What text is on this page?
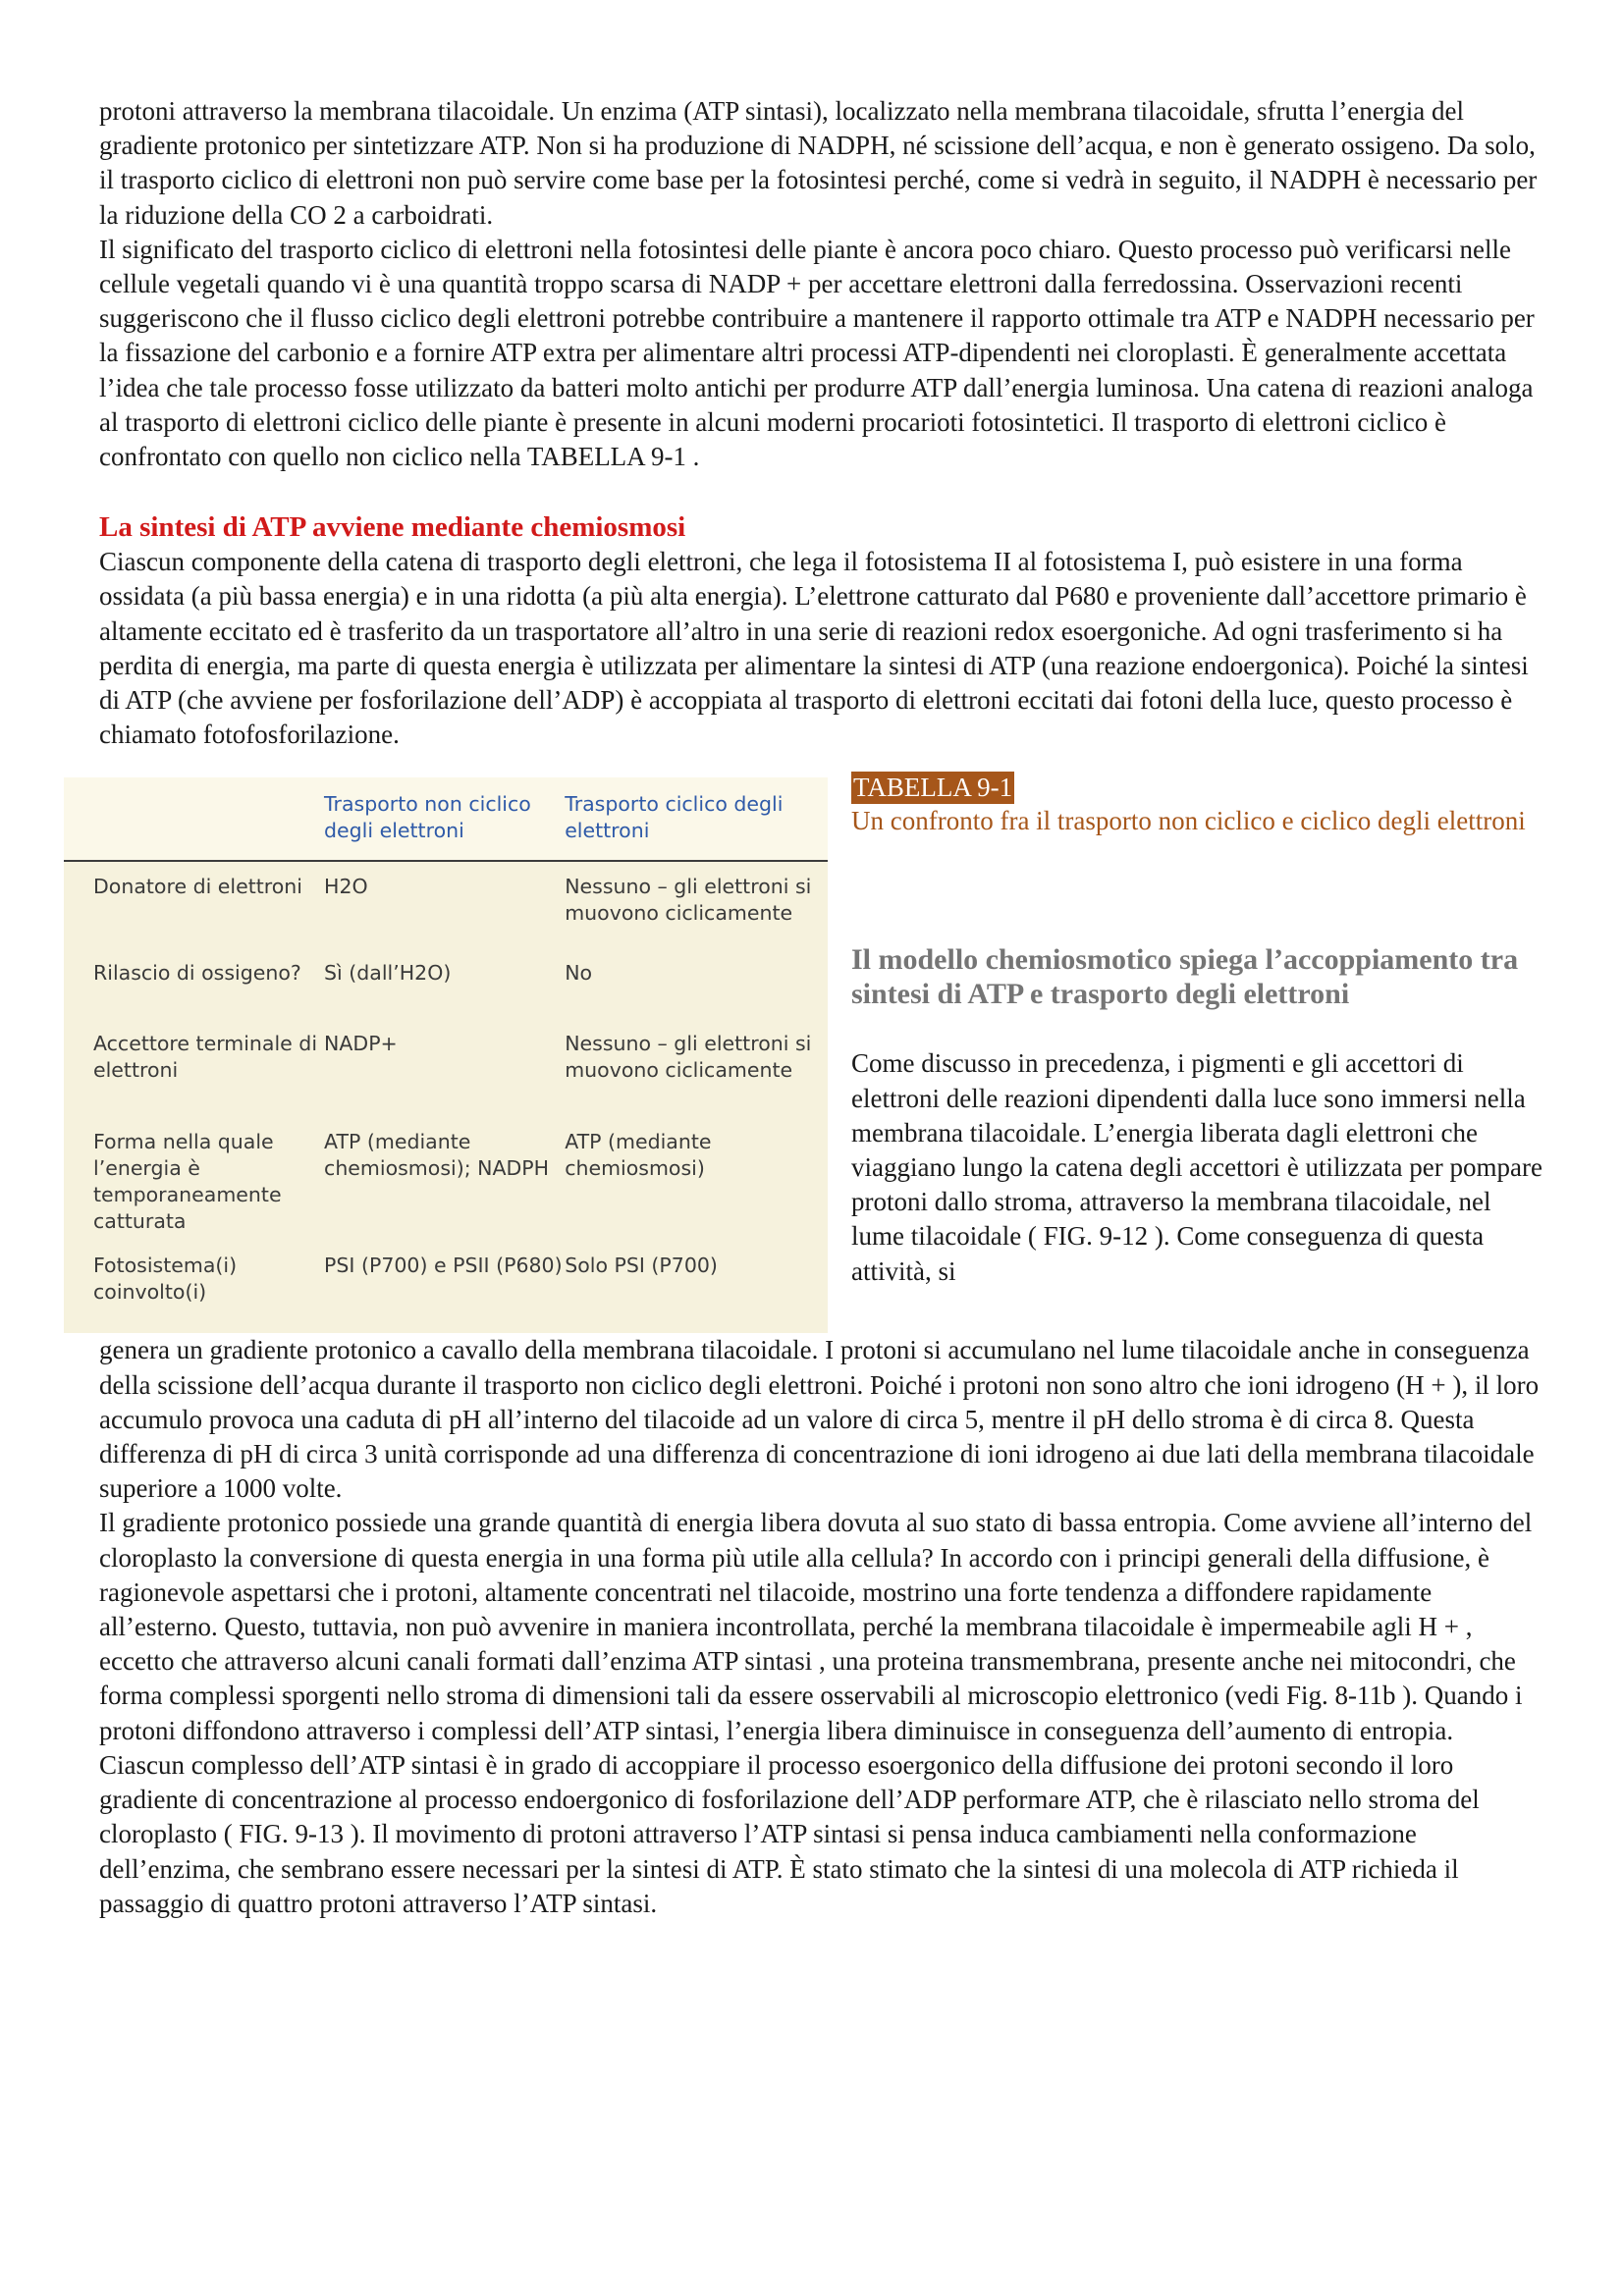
protoni attraverso la membrana tilacoidale. Un enzima (ATP sintasi), localizzato nella membrana tilacoidale, sfrutta l’energia del gradiente protonico per sintetizzare ATP. Non si ha produzione di NADPH, né scissione dell’acqua, e non è generato ossigeno. Da solo, il trasporto ciclico di elettroni non può servire come base per la fotosintesi perché, come si vedrà in seguito, il NADPH è necessario per la riduzione della CO 2 a carboidrati.

Il significato del trasporto ciclico di elettroni nella fotosintesi delle piante è ancora poco chiaro. Questo processo può verificarsi nelle cellule vegetali quando vi è una quantità troppo scarsa di NADP + per accettare elettroni dalla ferredossina. Osservazioni recenti suggeriscono che il flusso ciclico degli elettroni potrebbe contribuire a mantenere il rapporto ottimale tra ATP e NADPH necessario per la fissazione del carbonio e a fornire ATP extra per alimentare altri processi ATP-dipendenti nei cloroplasti. È generalmente accettata l’idea che tale processo fosse utilizzato da batteri molto antichi per produrre ATP dall’energia luminosa. Una catena di reazioni analoga al trasporto di elettroni ciclico delle piante è presente in alcuni moderni procarioti fotosintetici. Il trasporto di elettroni ciclico è confrontato con quello non ciclico nella TABELLA 9-1 .

La sintesi di ATP avviene mediante chemiosmosi

Ciascun componente della catena di trasporto degli elettroni, che lega il fotosistema II al fotosistema I, può esistere in una forma ossidata (a più bassa energia) e in una ridotta (a più alta energia). L’elettrone catturato dal P680 e proveniente dall’accettore primario è altamente eccitato ed è trasferito da un trasportatore all’altro in una serie di reazioni redox esoergoniche. Ad ogni trasferimento si ha perdita di energia, ma parte di questa energia è utilizzata per alimentare la sintesi di ATP (una reazione endoergonica). Poiché la sintesi di ATP (che avviene per fosforilazione dell’ADP) è accoppiata al trasporto di elettroni eccitati dai fotoni della luce, questo processo è chiamato fotofosforilazione.

	Trasporto non ciclico degli elettroni	Trasporto ciclico degli elettroni
Donatore di elettroni	H2O	Nessuno – gli elettroni si muovono ciclicamente
Rilascio di ossigeno?	Sì (dall’H2O)	No
Accettore terminale di elettroni	NADP+	Nessuno – gli elettroni si muovono ciclicamente
Forma nella quale l’energia è temporaneamente catturata	ATP (mediante chemiosmosi); NADPH	ATP (mediante chemiosmosi)
Fotosistema(i) coinvolto(i)	PSI (P700) e PSII (P680)	Solo PSI (P700)
TABELLA 9-1

Un confronto fra il trasporto non ciclico e ciclico degli elettroni

Il modello chemiosmotico spiega l’accoppiamento tra sintesi di ATP e trasporto degli elettroni

Come discusso in precedenza, i pigmenti e gli accettori di elettroni delle reazioni dipendenti dalla luce sono immersi nella membrana tilacoidale. L’energia liberata dagli elettroni che viaggiano lungo la catena degli accettori è utilizzata per pompare protoni dallo stroma, attraverso la membrana tilacoidale, nel lume tilacoidale ( FIG. 9-12 ). Come conseguenza di questa attività, si

genera un gradiente protonico a cavallo della membrana tilacoidale. I protoni si accumulano nel lume tilacoidale anche in conseguenza della scissione dell’acqua durante il trasporto non ciclico degli elettroni. Poiché i protoni non sono altro che ioni idrogeno (H + ), il loro accumulo provoca una caduta di pH all’interno del tilacoide ad un valore di circa 5, mentre il pH dello stroma è di circa 8. Questa differenza di pH di circa 3 unità corrisponde ad una differenza di concentrazione di ioni idrogeno ai due lati della membrana tilacoidale superiore a 1000 volte.

Il gradiente protonico possiede una grande quantità di energia libera dovuta al suo stato di bassa entropia. Come avviene all’interno del cloroplasto la conversione di questa energia in una forma più utile alla cellula? In accordo con i principi generali della diffusione, è ragionevole aspettarsi che i protoni, altamente concentrati nel tilacoide, mostrino una forte tendenza a diffondere rapidamente all’esterno. Questo, tuttavia, non può avvenire in maniera incontrollata, perché la membrana tilacoidale è impermeabile agli H + , eccetto che attraverso alcuni canali formati dall’enzima ATP sintasi , una proteina transmembrana, presente anche nei mitocondri, che forma complessi sporgenti nello stroma di dimensioni tali da essere osservabili al microscopio elettronico (vedi Fig. 8-11b ). Quando i protoni diffondono attraverso i complessi dell’ATP sintasi, l’energia libera diminuisce in conseguenza dell’aumento di entropia. Ciascun complesso dell’ATP sintasi è in grado di accoppiare il processo esoergonico della diffusione dei protoni secondo il loro gradiente di concentrazione al processo endoergonico di fosforilazione dell’ADP performare ATP, che è rilasciato nello stroma del cloroplasto ( FIG. 9-13 ). Il movimento di protoni attraverso l’ATP sintasi si pensa induca cambiamenti nella conformazione dell’enzima, che sembrano essere necessari per la sintesi di ATP. È stato stimato che la sintesi di una molecola di ATP richieda il passaggio di quattro protoni attraverso l’ATP sintasi.
